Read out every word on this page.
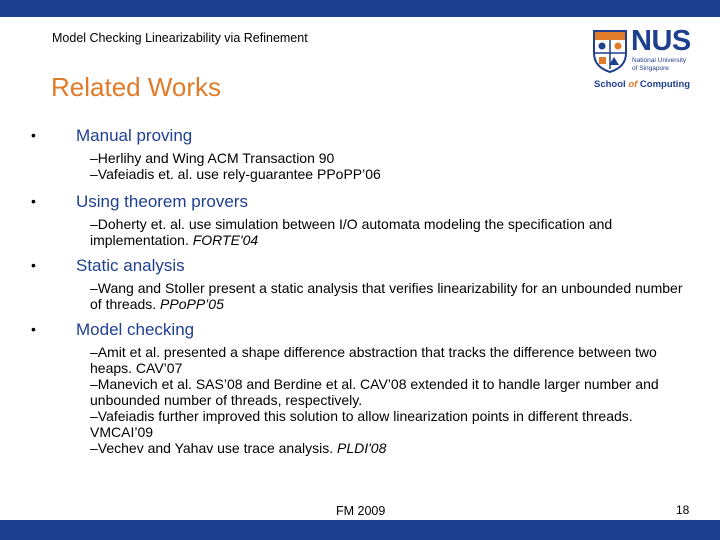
Model Checking Linearizability via Refinement	NUS
National University
of Singapore
School of Computing
Related Works
• Manual proving
–Herlihy and Wing ACM Transaction 90
–Vafeiadis et. al. use rely-guarantee PPoPP’06
• Using theorem provers
–Doherty et. al. use simulation between I/O automata modeling the specification and implementation. FORTE'04
• Static analysis
–Wang and Stoller present a static analysis that verifies linearizability for an unbounded number of threads. PPoPP’05
• Model checking
–Amit et al. presented a shape difference abstraction that tracks the difference between two heaps. CAV’07
–Manevich et al. SAS’08 and Berdine et al. CAV’08 extended it to handle larger number and unbounded number of threads, respectively.
–Vafeiadis further improved this solution to allow linearization points in different threads. VMCAI’09
–Vechev and Yahav use trace analysis. PLDI'08
FM 2009	18
